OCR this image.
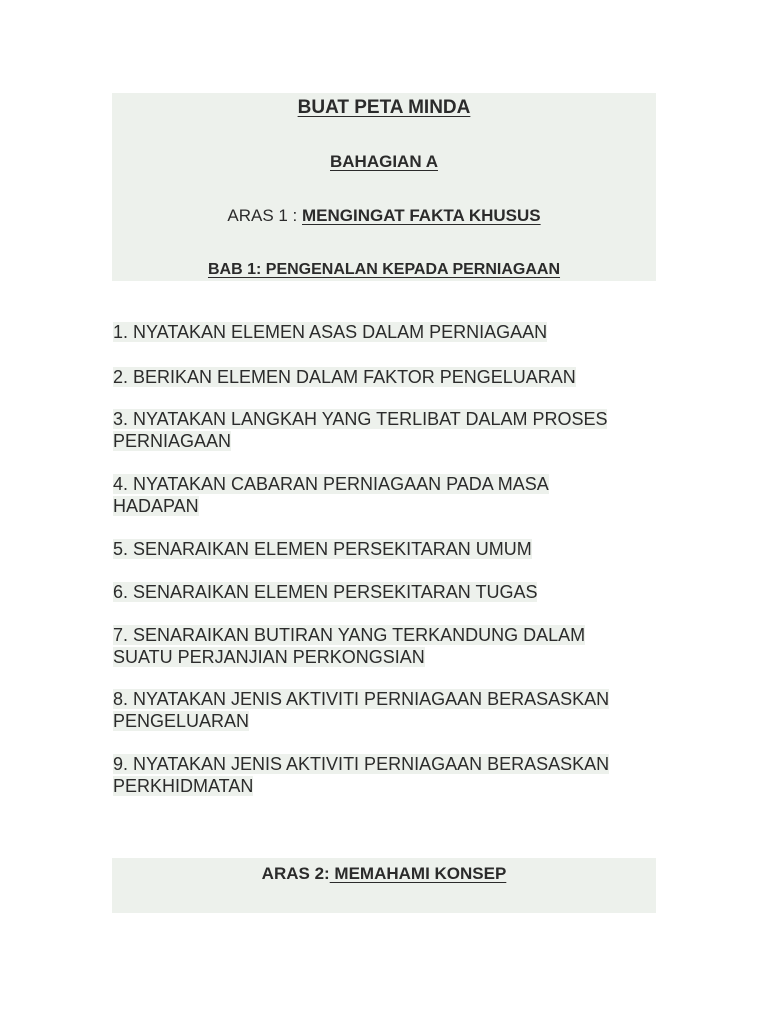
BUAT PETA MINDA
BAHAGIAN A
ARAS 1 : MENGINGAT FAKTA KHUSUS
BAB 1: PENGENALAN KEPADA PERNIAGAAN
1. NYATAKAN ELEMEN ASAS DALAM PERNIAGAAN
2. BERIKAN ELEMEN DALAM FAKTOR PENGELUARAN
3. NYATAKAN LANGKAH YANG TERLIBAT DALAM PROSES
PERNIAGAAN
4. NYATAKAN CABARAN PERNIAGAAN PADA MASA
HADAPAN
5. SENARAIKAN ELEMEN PERSEKITARAN UMUM
6. SENARAIKAN ELEMEN PERSEKITARAN TUGAS
7. SENARAIKAN BUTIRAN YANG TERKANDUNG DALAM
SUATU PERJANJIAN PERKONGSIAN
8. NYATAKAN JENIS AKTIVITI PERNIAGAAN BERASASKAN
PENGELUARAN
9. NYATAKAN JENIS AKTIVITI PERNIAGAAN BERASASKAN
PERKHIDMATAN
ARAS 2: MEMAHAMI KONSEP
